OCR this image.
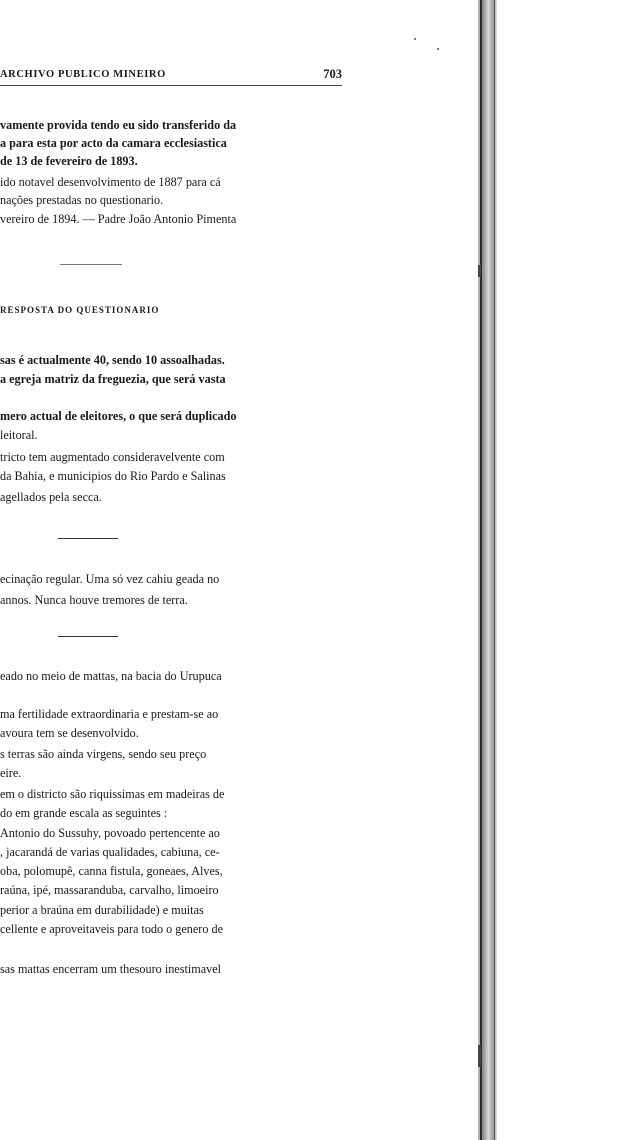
ARCHIVO PUBLICO MINEIRO	703
vamente provida tendo eu sido transferido da
a para esta por acto da camara ecclesiastica
de 13 de fevereiro de 1893.
ido notavel desenvolvimento de 1887 para cá
nações prestadas no questionario.
vereiro de 1894. — Padre João Antonio Pimenta
RESPOSTA DO QUESTIONARIO
sas é actualmente 40, sendo 10 assoalhadas.
a egreja matriz da freguezia, que será vasta
mero actual de eleitores, o que será duplicado
leitoral.
tricto tem augmentado consideravelvente com
da Bahia, e municipios do Rio Pardo e Salinas
agellados pela secca.
ecinação regular. Uma só vez cahiu geada no
annos. Nunca houve tremores de terra.
eado no meio de mattas, na bacia do Urupuca
ma fertilidade extraordinaria e prestam-se ao
avoura tem se desenvolvido.
s terras são ainda virgens, sendo seu preço
eire.
em o districto são riquissimas em madeiras de
do em grande escala as seguintes :
Antonio do Sussuhy, povoado pertencente ao
, jacarandá de varias qualidades, cabiuna, ce-
oba, polomupê, canna fistula, goneaes, Alves,
raúna, ipé, massaranduba, carvalho, limoeiro
perior a braúna em durabilidade) e muitas
cellente e aproveitaveis para todo o genero de
sas mattas encerram um thesouro inestimavel
